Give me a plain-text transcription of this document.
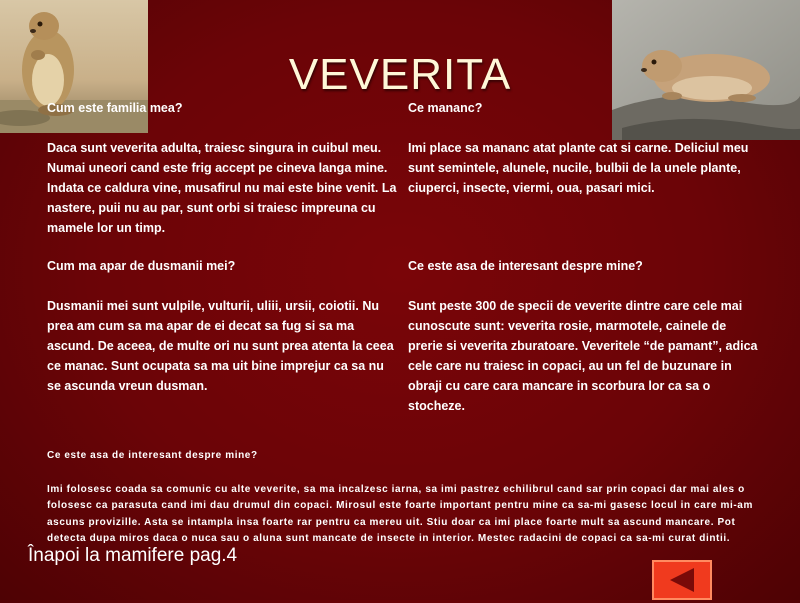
VEVERITA

Cum este familia mea?

Daca sunt veverita adulta, traiesc singura in cuibul meu. Numai uneori cand este frig accept pe cineva langa mine. Indata ce caldura vine, musafirul nu mai este bine venit. La nastere, puii nu au par, sunt orbi si traiesc impreuna cu mamele lor un timp.

Ce mananc?

Imi place sa mananc atat plante cat si carne. Deliciul meu sunt semintele, alunele, nucile, bulbii de la unele plante, ciuperci, insecte, viermi, oua, pasari mici.

Cum ma apar de dusmanii mei?

Dusmanii mei sunt vulpile, vulturii, uliii, ursii, coiotii. Nu prea am cum sa ma apar de ei decat sa fug si sa ma ascund. De aceea, de multe ori nu sunt prea atenta la ceea ce manac. Sunt ocupata sa ma uit bine imprejur ca sa nu se ascunda vreun dusman.

Ce este asa de interesant despre mine?

Sunt peste 300 de specii de veverite dintre care cele mai cunoscute sunt: veverita rosie, marmotele, cainele de prerie si veverita zburatoare. Veveritele “de pamant”, adica cele care nu traiesc in copaci, au un fel de buzunare in obraji cu care cara mancare in scorbura lor ca sa o stocheze.

Ce este asa de interesant despre mine?

Imi folosesc coada sa comunic cu alte veverite, sa ma incalzesc iarna, sa imi pastrez echilibrul cand sar prin copaci dar mai ales o folosesc ca parasuta cand imi dau drumul din copaci. Mirosul este foarte important pentru mine ca sa-mi gasesc locul in care mi-am ascuns provizille. Asta se intampla insa foarte rar pentru ca mereu uit. Stiu doar ca imi place foarte mult sa ascund mancare. Pot detecta dupa miros daca o nuca sau o aluna sunt mancate de insecte in interior. Mestec radacini de copaci ca sa-mi curat dintii.

Înapoi la mamifere pag.4
